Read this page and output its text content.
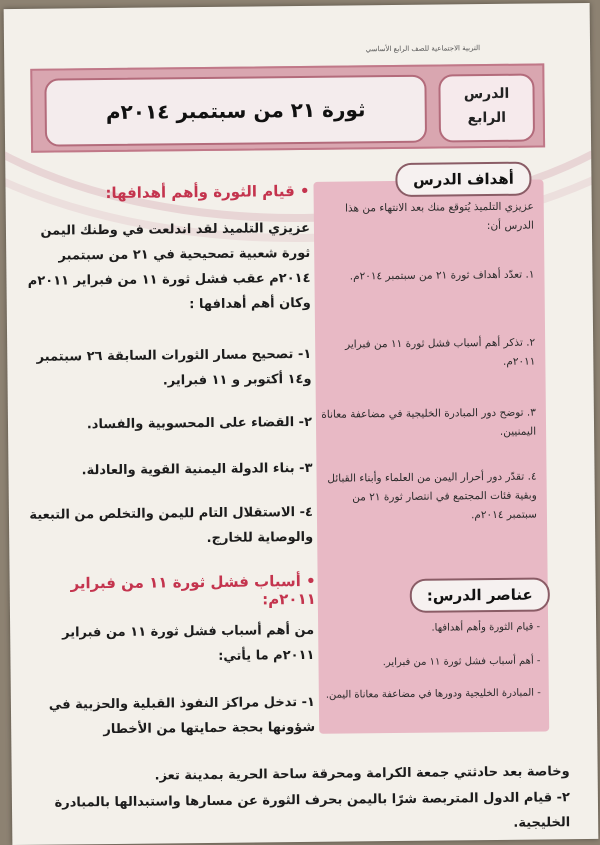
التربية الاجتماعية للصف الرابع الأساسي
الدرس
الرابع
ثورة ٢١ من سبتمبر ٢٠١٤م
أهداف الدرس
عزيزي التلميذ يُتوقع منك بعد الانتهاء من هذا الدرس أن:
١. تعدّد أهداف ثورة ٢١ من سبتمبر ٢٠١٤م.
٢. تذكر أهم أسباب فشل ثورة ١١ من فبراير ٢٠١١م.
٣. توضح دور المبادرة الخليجية في مضاعفة معاناة اليمنيين.
٤. تقدّر دور أحرار اليمن من العلماء وأبناء القبائل وبقية فئات المجتمع في انتصار ثورة ٢١ من سبتمبر ٢٠١٤م.
عناصر الدرس:
- قيام الثورة وأهم أهدافها.
- أهم أسباب فشل ثورة ١١ من فبراير.
- المبادرة الخليجية ودورها في مضاعفة معاناة اليمن.
• قيام الثورة وأهم أهدافها:
عزيزي التلميذ لقد اندلعت في وطنك اليمن ثورة شعبية تصحيحية في ٢١ من سبتمبر ٢٠١٤م عقب فشل ثورة ١١ من فبراير ٢٠١١م وكان أهم أهدافها :
١- تصحيح مسار الثورات السابقة ٢٦ سبتمبر و١٤ أكتوبر و ١١ فبراير.
٢- القضاء على المحسوبية والفساد.
٣- بناء الدولة اليمنية القوية والعادلة.
٤- الاستقلال التام لليمن والتخلص من التبعية والوصاية للخارج.
• أسباب فشل ثورة ١١ من فبراير ٢٠١١م:
من أهم أسباب فشل ثورة ١١ من فبراير ٢٠١١م ما يأتي:
١- تدخل مراكز النفوذ القبلية والحزبية في شؤونها بحجة حمايتها من الأخطار
وخاصة بعد حادثتي جمعة الكرامة ومحرقة ساحة الحرية بمدينة تعز.
٢- قيام الدول المتربصة شرًا باليمن بحرف الثورة عن مسارها واستبدالها بالمبادرة الخليجية.
